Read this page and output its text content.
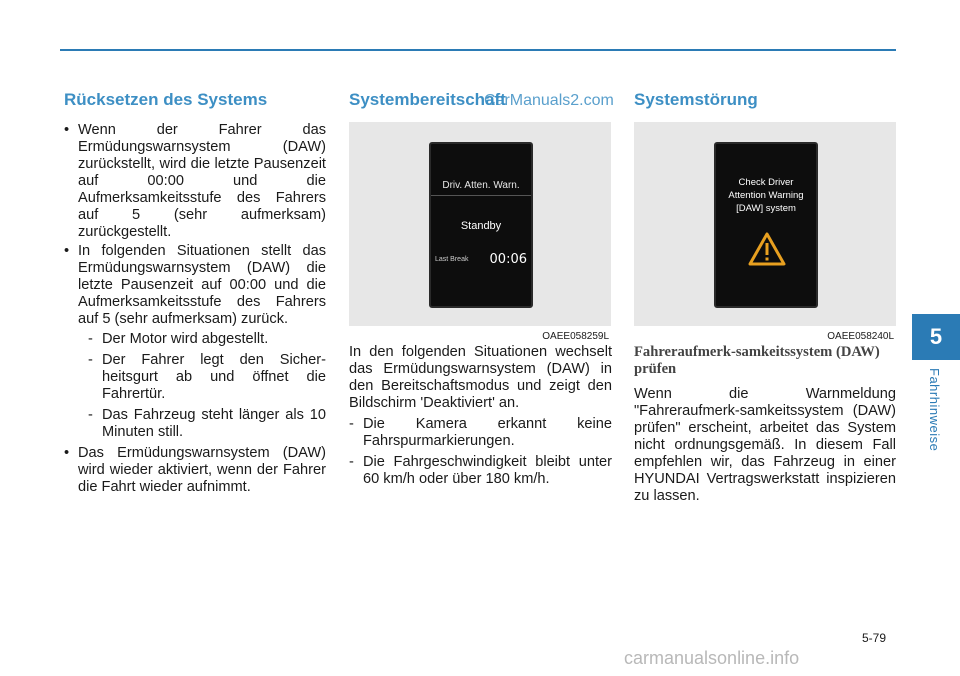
Rücksetzen des Systems
• Wenn der Fahrer das Ermüdungswarnsystem (DAW) zurückstellt, wird die letzte Pausenzeit auf 00:00 und die Aufmerksamkeitsstufe des Fahrers auf 5 (sehr aufmerksam) zurückgestellt.
• In folgenden Situationen stellt das Ermüdungswarnsystem (DAW) die letzte Pausenzeit auf 00:00 und die Aufmerksamkeitsstufe des Fahrers auf 5 (sehr aufmerksam) zurück.
- Der Motor wird abgestellt.
- Der Fahrer legt den Sicher-heitsgurt ab und öffnet die Fahrertür.
- Das Fahrzeug steht länger als 10 Minuten still.
• Das Ermüdungswarnsystem (DAW) wird wieder aktiviert, wenn der Fahrer die Fahrt wieder aufnimmt.
Systembereitschaft
Driv. Atten. Warn.
Standby
Last Break 00:06
OAEE058259L
In den folgenden Situationen wechselt das Ermüdungswarnsystem (DAW) in den Bereitschaftsmodus und zeigt den Bildschirm 'Deaktiviert' an.
- Die Kamera erkannt keine Fahrspurmarkierungen.
- Die Fahrgeschwindigkeit bleibt unter 60 km/h oder über 180 km/h.
Systemstörung
Check Driver
Attention Warning
[DAW] system
OAEE058240L
Fahreraufmerk-samkeitssystem (DAW) prüfen
Wenn die Warnmeldung "Fahreraufmerk-samkeitssystem (DAW) prüfen" erscheint, arbeitet das System nicht ordnungsgemäß. In diesem Fall empfehlen wir, das Fahrzeug in einer HYUNDAI Vertragswerkstatt inspizieren zu lassen.
CarManuals2.com
5
Fahrhinweise
5-79
carmanualsonline.info
